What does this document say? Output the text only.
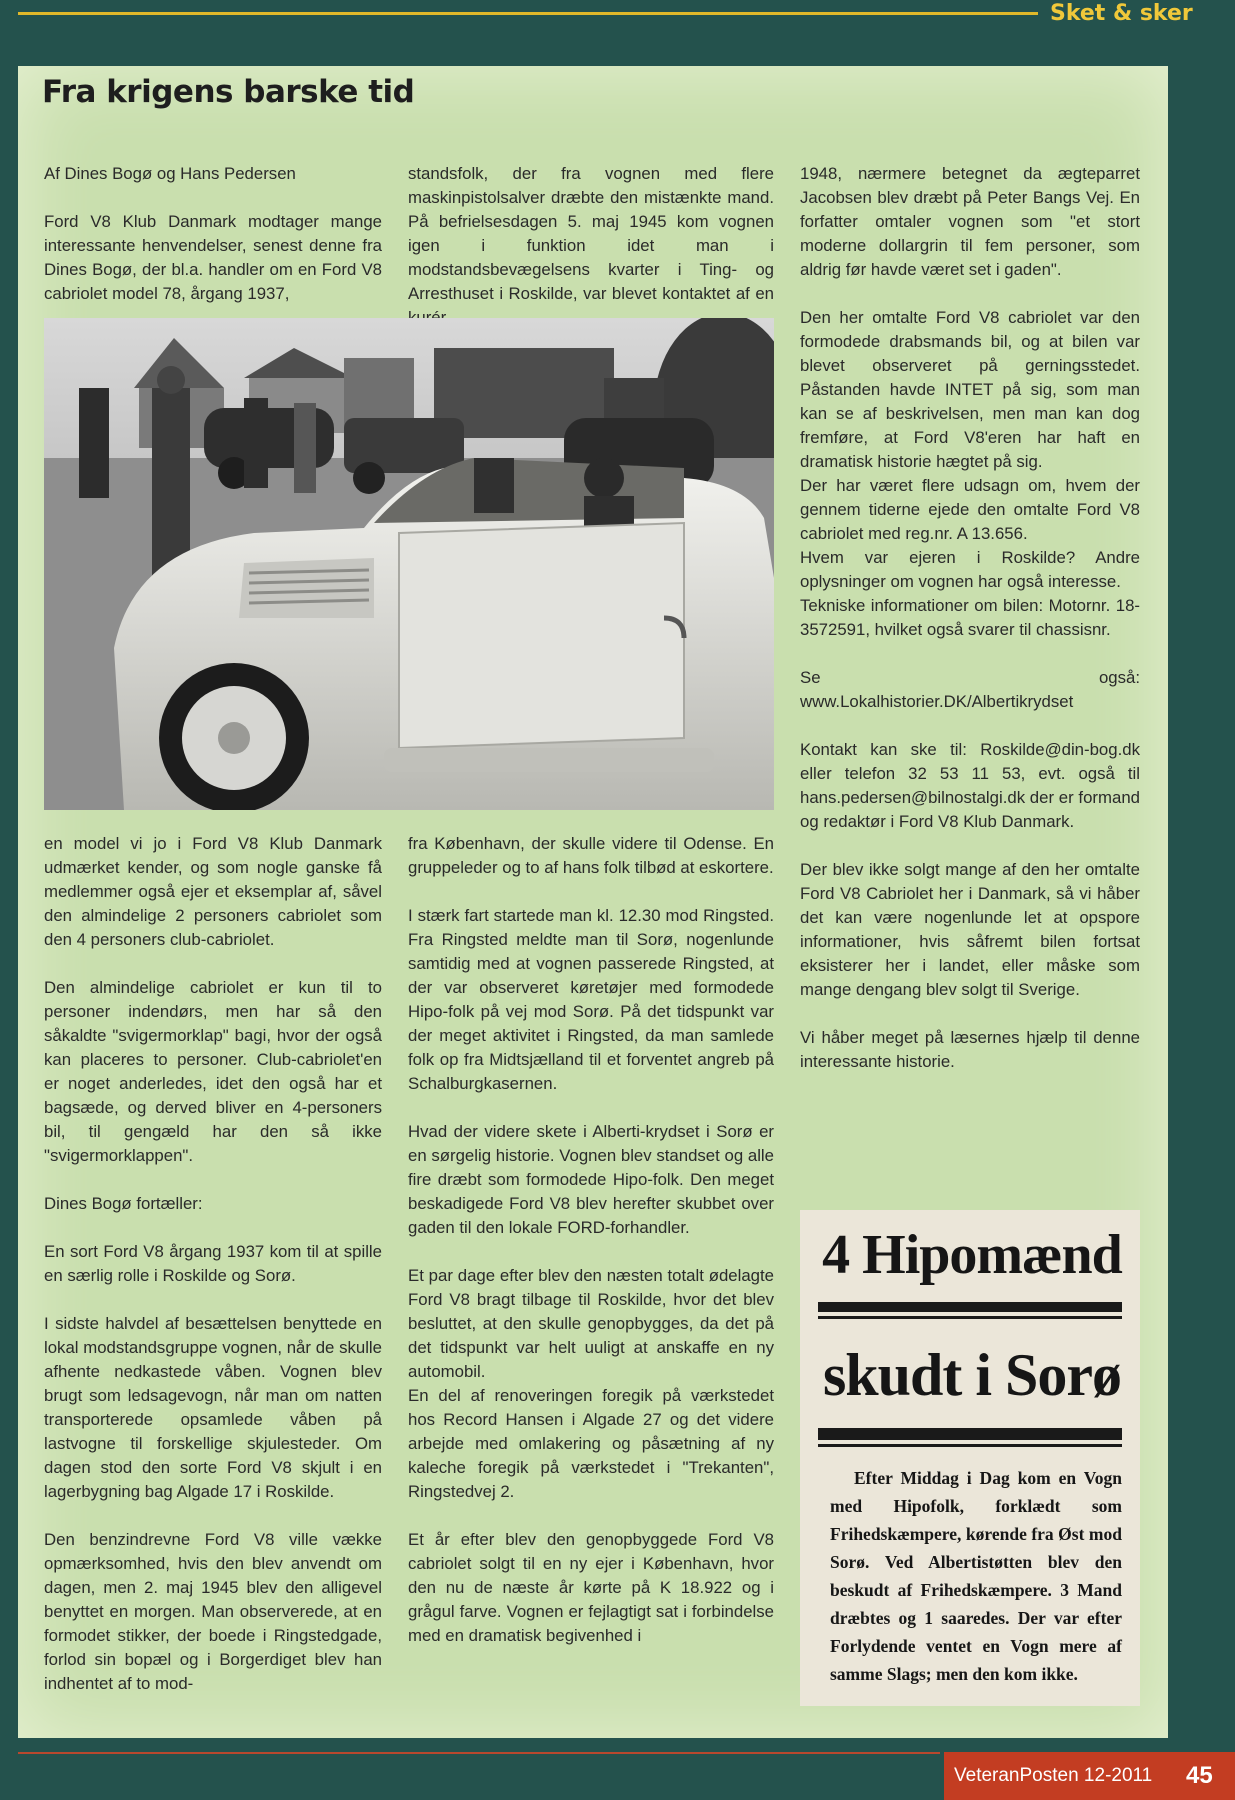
Sket & sker
Fra krigens barske tid

Af Dines Bogø og Hans Pedersen

Ford V8 Klub Danmark modtager mange interessante henvendelser, senest denne fra Dines Bogø, der bl.a. handler om en Ford V8 cabriolet model 78, årgang 1937,

standsfolk, der fra vognen med flere maskinpistolsalver dræbte den mistænkte mand. På befrielsesdagen 5. maj 1945 kom vognen igen i funktion idet man i modstandsbevægelsens kvarter i Ting- og Arresthuset i Roskilde, var blevet kontaktet af en

en model vi jo i Ford V8 Klub Danmark udmærket kender, og som nogle ganske få medlemmer også ejer et eksemplar af, såvel den almindelige 2 personers cabriolet som den 4 personers club-cabriolet.

Den almindelige cabriolet er kun til to personer indendørs, men har så den såkaldte "svigermorklap" bagi, hvor der også kan placeres to personer. Club-cabriolet'en er noget anderledes, idet den også har et bagsæde, og derved bliver en 4-personers bil, til gengæld har den så ikke "svigermorklappen".

Dines Bogø fortæller:

En sort Ford V8 årgang 1937 kom til at spille en særlig rolle i Roskilde og Sorø.

I sidste halvdel af besættelsen benyttede en lokal modstandsgruppe vognen, når de skulle afhente nedkastede våben. Vognen blev brugt som ledsagevogn, når man om natten transporterede opsamlede våben på lastvogne til forskellige skjulesteder. Om dagen stod den sorte Ford V8 skjult i en lagerbygning bag Algade 17 i Roskilde.

Den benzindrevne Ford V8 ville vække opmærksomhed, hvis den blev anvendt om dagen, men 2. maj 1945 blev den alligevel benyttet en morgen. Man observerede, at en formodet stikker, der boede i Ringstedgade, forlod sin bopæl og i Borgerdiget blev han indhentet af to mod-

fra København, der skulle videre til Odense. En gruppeleder og to af hans folk tilbød at eskortere.

I stærk fart startede man kl. 12.30 mod Ringsted. Fra Ringsted meldte man til Sorø, nogenlunde samtidig med at vognen passerede Ringsted, at der var observeret køretøjer med formodede Hipo-folk på vej mod Sorø. På det tidspunkt var der meget aktivitet i Ringsted, da man samlede folk op fra Midtsjælland til et forventet angreb på Schalburgkasernen.

Hvad der videre skete i Alberti-krydset i Sorø er en sørgelig historie. Vognen blev standset og alle fire dræbt som formodede Hipo-folk. Den meget beskadigede Ford V8 blev herefter skubbet over gaden til den lokale FORD-forhandler.

Et par dage efter blev den næsten totalt ødelagte Ford V8 bragt tilbage til Roskilde, hvor det blev besluttet, at den skulle genopbygges, da det på det tidspunkt var helt uuligt at anskaffe en ny automobil.

En del af renoveringen foregik på værkstedet hos Record Hansen i Algade 27 og det videre arbejde med omlakering og påsætning af ny kaleche foregik på værkstedet i "Trekanten", Ringstedvej 2.

Et år efter blev den genopbyggede Ford V8 cabriolet solgt til en ny ejer i København, hvor den nu de næste år kørte på K 18.922 og i grågul farve. Vognen er fejlagtigt sat i forbindelse med en dramatisk begivenhed i

1948, nærmere betegnet da ægteparret Jacobsen blev dræbt på Peter Bangs Vej. En forfatter omtaler vognen som "et stort moderne dollargrin til fem personer, som aldrig før havde været set i gaden".

Den her omtalte Ford V8 cabriolet var den formodede drabsmands bil, og at bilen var blevet observeret på gerningsstedet. Påstanden havde INTET på sig, som man kan se af beskrivelsen, men man kan dog fremføre, at Ford V8'eren har haft en dramatisk historie hægtet på sig.

Der har været flere udsagn om, hvem der gennem tiderne ejede den omtalte Ford V8 cabriolet med reg.nr. A 13.656.

Hvem var ejeren i Roskilde? Andre oplysninger om vognen har også interesse.

Tekniske informationer om bilen: Motornr. 18-3572591, hvilket også svarer til chassisnr.

Se også: www.Lokalhistorier.DK/Albertikrydset

Kontakt kan ske til: Roskilde@din-bog.dk eller telefon 32 53 11 53, evt. også til hans.pedersen@bilnostalgi.dk der er formand og redaktør i Ford V8 Klub Danmark.

Der blev ikke solgt mange af den her omtalte Ford V8 Cabriolet her i Danmark, så vi håber det kan være nogenlunde let at opspore informationer, hvis såfremt bilen fortsat eksisterer her i landet, eller måske som mange dengang blev solgt til Sverige.

Vi håber meget på læsernes hjælp til denne interessante historie.

4 Hipomænd
skudt i Sorø
Efter Middag i Dag kom en Vogn med Hipofolk, forklædt som Frihedskæmpere, kørende fra Øst mod Sorø. Ved Albertistøtten blev den beskudt af Frihedskæmpere. 3 Mand dræbtes og 1 saaredes. Der var efter Forlydende ventet en Vogn mere af samme Slags; men den kom ikke.
VeteranPosten 12-2011	45
